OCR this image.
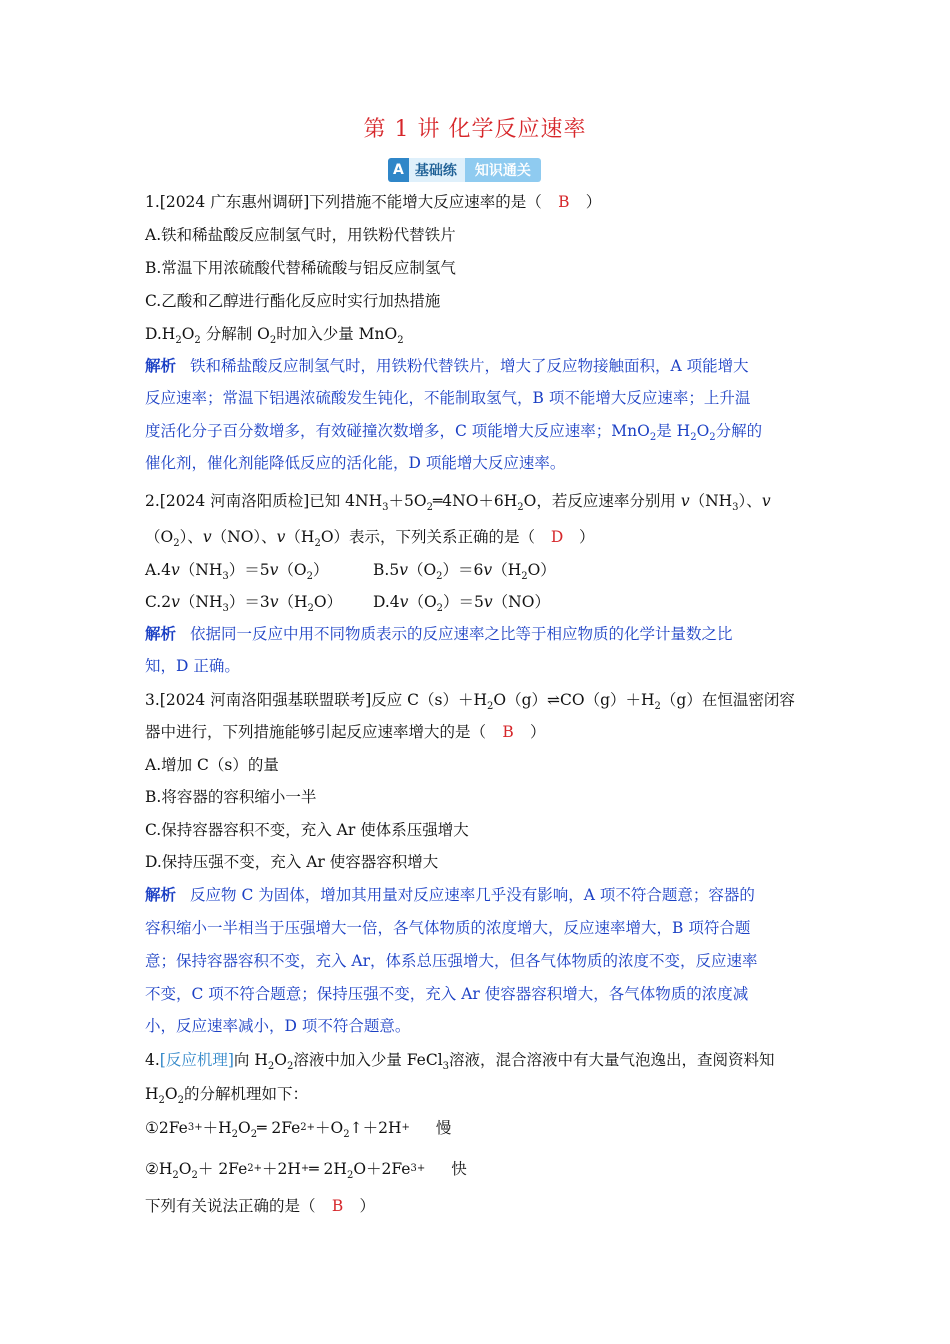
第 1 讲 化学反应速率
A 基础练	知识通关
1.[2024 广东惠州调研]下列措施不能增大反应速率的是（ B ）
A.铁和稀盐酸反应制氢气时，用铁粉代替铁片
B.常温下用浓硫酸代替稀硫酸与铝反应制氢气
C.乙酸和乙醇进行酯化反应时实行加热措施
$D.H_2O_2$ 分解制 $O_2$时加入少量 MnO$_2$
解析 铁和稀盐酸反应制氢气时，用铁粉代替铁片，增大了反应物接触面积，A 项能增大
反应速率；常温下铝遇浓硫酸发生钝化，不能制取氢气，B 项不能增大反应速率；上升温
度活化分子百分数增多，有效碰撞次数增多，C 项能增大反应速率；MnO$_2$是 $H_2O_2$分解的
催化剂，催化剂能降低反应的活化能，D 项能增大反应速率。
2.[2024 河南洛阳质检]已知 $4NH_3+5O_2═4NO+6H_2O$，若反应速率分别用 $v(NH_3)$、v
$(O_2)$、v（NO）、$v(H_2O)$表示，下列关系正确的是（ D ）
$A.4v(NH_3)=5v(O_2)$	$B.5v(O_2)=6v(H_2O)$
$C.2v(NH_3)=3v(H_2O)$ $D.4v(O_2)=5v(NO)$
解析 依据同一反应中用不同物质表示的反应速率之比等于相应物质的化学计量数之比
知，D 正确。
3.[2024 河南洛阳强基联盟联考]反应 $C(s)+H_2O(g)\rightleftharpoons CO(g)+H_2(g)$在恒温密闭容
器中进行，下列措施能够引起反应速率增大的是（ B ）
A.增加 C（s）的量
B.将容器的容积缩小一半
C.保持容器容积不变，充入 Ar 使体系压强增大
D.保持压强不变，充入 Ar 使容器容积增大
解析 反应物 C 为固体，增加其用量对反应速率几乎没有影响，A 项不符合题意；容器的
容积缩小一半相当于压强增大一倍，各气体物质的浓度增大，反应速率增大，B 项符合题
意；保持容器容积不变，充入 Ar，体系总压强增大，但各气体物质的浓度不变，反应速率
不变，C 项不符合题意；保持压强不变，充入 Ar 使容器容积增大，各气体物质的浓度减
小，反应速率减小，D 项不符合题意。
4.[反应机理]向 $H_2O_2$溶液中加入少量 FeCl$_3$溶液，混合溶液中有大量气泡逸出，查阅资料知
$H_2O_2$的分解机理如下：
$①2Fe^{3+}+H_2O_2═$ $2Fe^{2+}+O_2↑+2H^+$ 慢
$②H_2O_2+$ $2Fe^{2+}+2H^+═$ $2H_2O+2Fe^{3+}$ 快
下列有关说法正确的是（ B ）
